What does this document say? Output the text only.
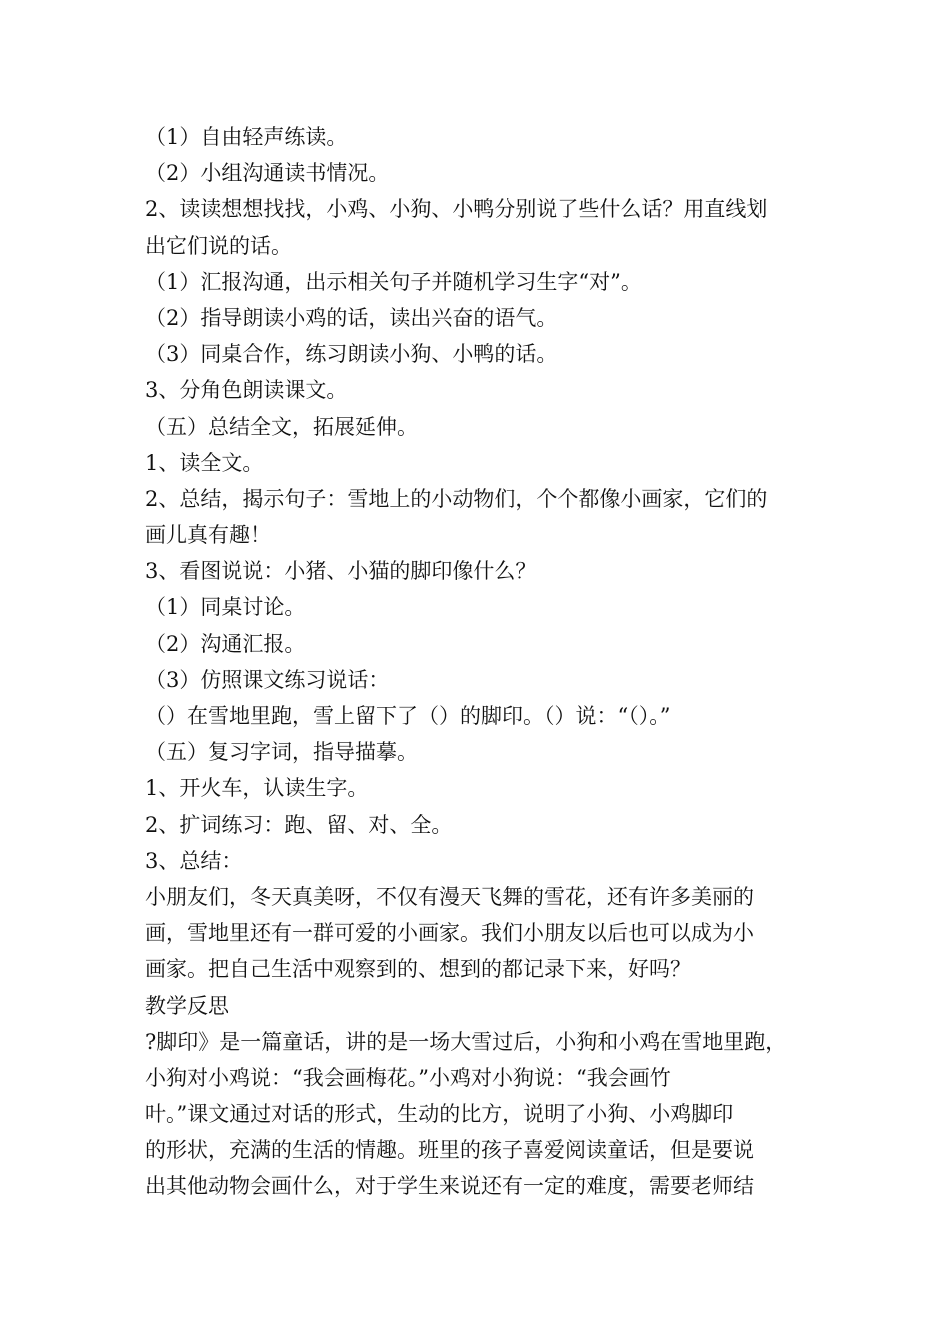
（1）自由轻声练读。
（2）小组沟通读书情况。
2、读读想想找找，小鸡、小狗、小鸭分别说了些什么话？用直线划
出它们说的话。
（1）汇报沟通，出示相关句子并随机学习生字“对”。
（2）指导朗读小鸡的话，读出兴奋的语气。
（3）同桌合作，练习朗读小狗、小鸭的话。
3、分角色朗读课文。
（五）总结全文，拓展延伸。
1、读全文。
2、总结，揭示句子：雪地上的小动物们，个个都像小画家，它们的
画儿真有趣！
3、看图说说：小猪、小猫的脚印像什么？
（1）同桌讨论。
（2）沟通汇报。
（3）仿照课文练习说话：
（）在雪地里跑，雪上留下了（）的脚印。（）说：“（）。”
（五）复习字词，指导描摹。
1、开火车，认读生字。
2、扩词练习：跑、留、对、全。
3、总结：
小朋友们，冬天真美呀，不仅有漫天飞舞的雪花，还有许多美丽的
画，雪地里还有一群可爱的小画家。我们小朋友以后也可以成为小
画家。把自己生活中观察到的、想到的都记录下来，好吗？
教学反思
?脚印》是一篇童话，讲的是一场大雪过后，小狗和小鸡在雪地里跑，
小狗对小鸡说：“我会画梅花。”小鸡对小狗说：“我会画竹
叶。”课文通过对话的形式，生动的比方，说明了小狗、小鸡脚印
的形状，充满的生活的情趣。班里的孩子喜爱阅读童话，但是要说
出其他动物会画什么，对于学生来说还有一定的难度，需要老师结
